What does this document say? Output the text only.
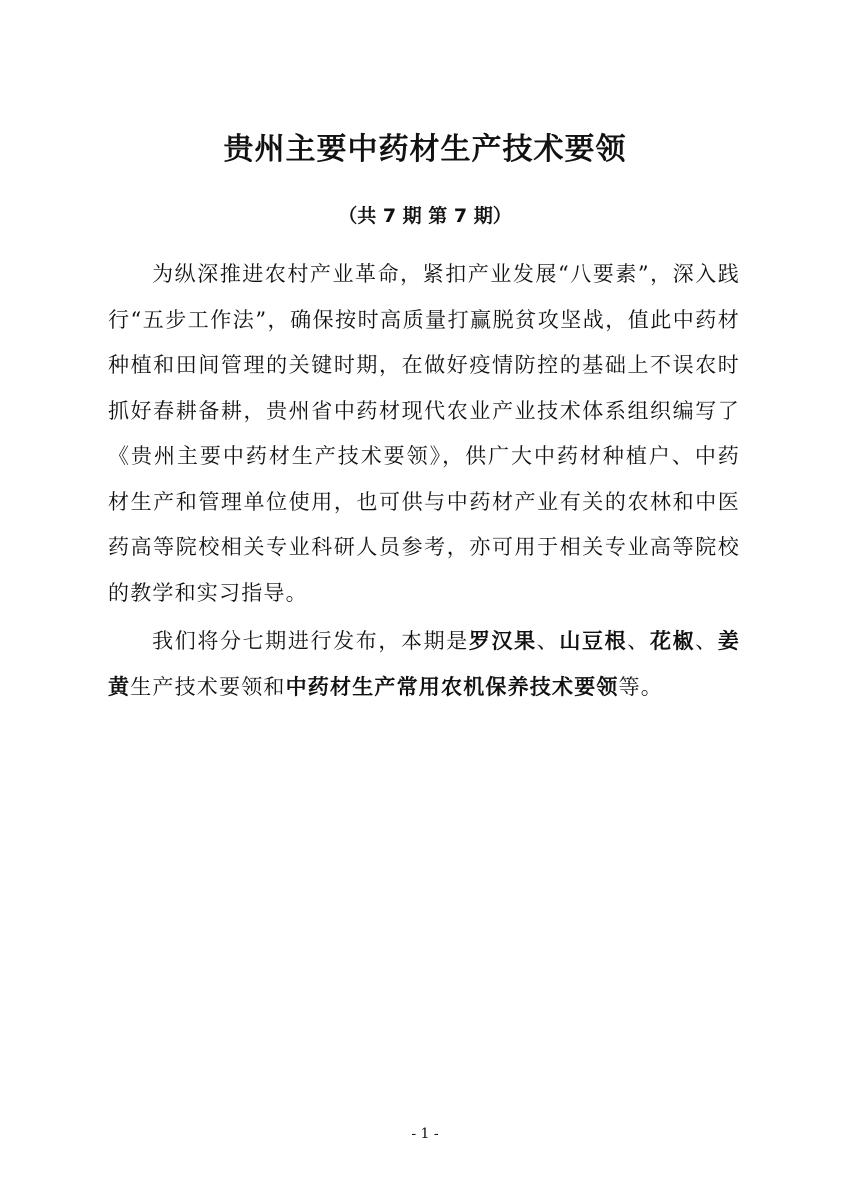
贵州主要中药材生产技术要领
（共 7 期 第 7 期）

为纵深推进农村产业革命，紧扣产业发展“八要素”，深入践行“五步工作法”，确保按时高质量打赢脱贫攻坚战，值此中药材种植和田间管理的关键时期，在做好疫情防控的基础上不误农时抓好春耕备耕，贵州省中药材现代农业产业技术体系组织编写了《贵州主要中药材生产技术要领》，供广大中药材种植户、中药材生产和管理单位使用，也可供与中药材产业有关的农林和中医药高等院校相关专业科研人员参考，亦可用于相关专业高等院校的教学和实习指导。

我们将分七期进行发布，本期是罗汉果、山豆根、花椒、姜黄生产技术要领和中药材生产常用农机保养技术要领等。

- 1 -
